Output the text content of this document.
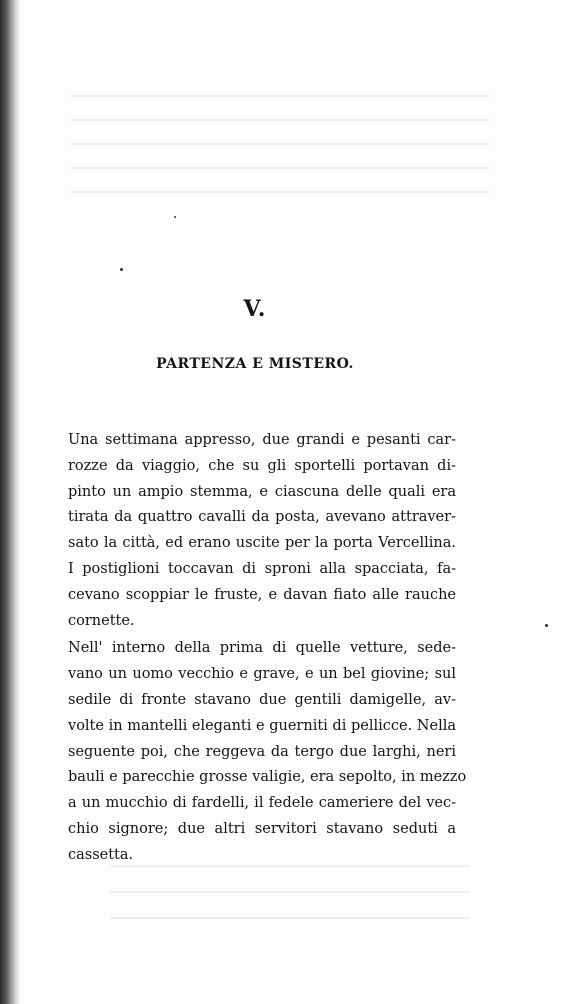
V.
PARTENZA E MISTERO.
Una settimana appresso, due grandi e pesanti car-
rozze da viaggio, che su gli sportelli portavan di-
pinto un ampio stemma, e ciascuna delle quali era
tirata da quattro cavalli da posta, avevano attraver-
sato la città, ed erano uscite per la porta Vercellina.
I postiglioni toccavan di sproni alla spacciata, fa-
cevano scoppiar le fruste, e davan fiato alle rauche
cornette.
Nell' interno della prima di quelle vetture, sede-
vano un uomo vecchio e grave, e un bel giovine; sul
sedile di fronte stavano due gentili damigelle, av-
volte in mantelli eleganti e guerniti di pellicce. Nella
seguente poi, che reggeva da tergo due larghi, neri
bauli e parecchie grosse valigie, era sepolto, in mezzo
a un mucchio di fardelli, il fedele cameriere del vec-
chio signore; due altri servitori stavano seduti a
cassetta.
